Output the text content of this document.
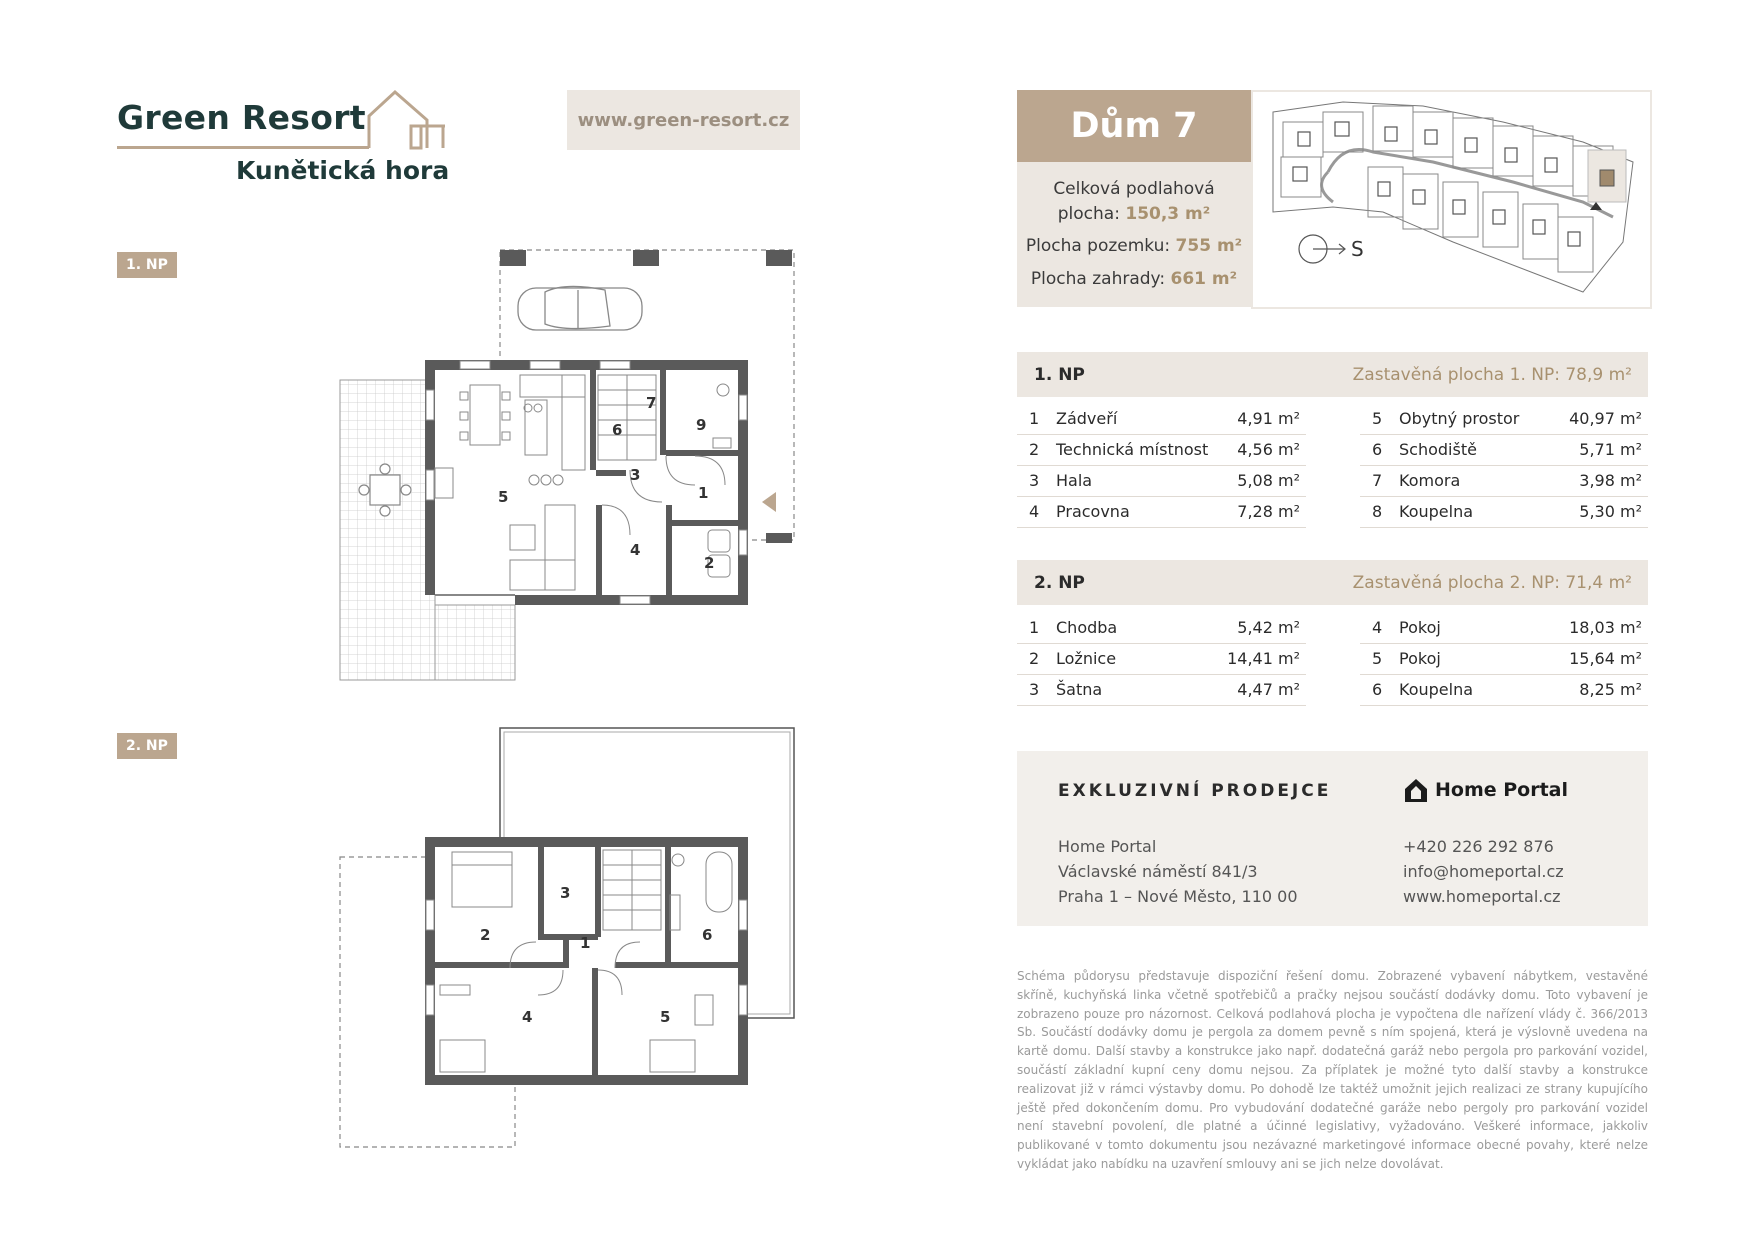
Green Resort
Kunětická hora
www.green-resort.cz
1. NP
2. NP
1
2
3
4
5
6
7
9
1
2
3
4	5
6
Dům 7
Celková podlahová
plocha: 150,3 m²
Plocha pozemku: 755 m²
Plocha zahrady: 661 m²
S
1. NP	Zastavěná plocha 1. NP: 78,9 m²
1 Zádveří	4,91 m²
2 Technická místnost 4,56 m²
3 Hala	5,08 m²
4 Pracovna	7,28 m²
5 Obytný prostor	40,97 m²
6 Schodiště	5,71 m²
7 Komora	3,98 m²
8 Koupelna	5,30 m²
2. NP	Zastavěná plocha 2. NP: 71,4 m²
1 Chodba	5,42 m²
2 Ložnice	14,41 m²
3 Šatna	4,47 m²
4 Pokoj	18,03 m²
5 Pokoj	15,64 m²
6 Koupelna	8,25 m²
EXKLUZIVNÍ PRODEJCE	Home Portal
Home Portal
Václavské náměstí 841/3
Praha 1 – Nové Město, 110 00
+420 226 292 876
info@homeportal.cz
www.homeportal.cz
Schéma půdorysu představuje dispoziční řešení domu. Zobrazené vybavení nábytkem, vestavěné skříně, kuchyňská linka včetně spotřebičů a pračky nejsou součástí dodávky domu. Toto vybavení je zobrazeno pouze pro názornost. Celková podlahová plocha je vypočtena dle nařízení vlády č. 366/2013 Sb. Součástí dodávky domu je pergola za domem pevně s ním spojená, která je výslovně uvedena na kartě domu. Další stavby a konstrukce jako např. dodatečná garáž nebo pergola pro parkování vozidel, součástí základní kupní ceny domu nejsou. Za příplatek je možné tyto další stavby a konstrukce realizovat již v rámci výstavby domu. Po dohodě lze taktéž umožnit jejich realizaci ze strany kupujícího ještě před dokončením domu. Pro vybudování dodatečné garáže nebo pergoly pro parkování vozidel není stavební povolení, dle platné a účinné legislativy, vyžadováno. Veškeré informace, jakkoliv publikované v tomto dokumentu jsou nezávazné marketingové informace obecné povahy, které nelze vykládat jako nabídku na uzavření smlouvy ani se jich nelze dovolávat.
